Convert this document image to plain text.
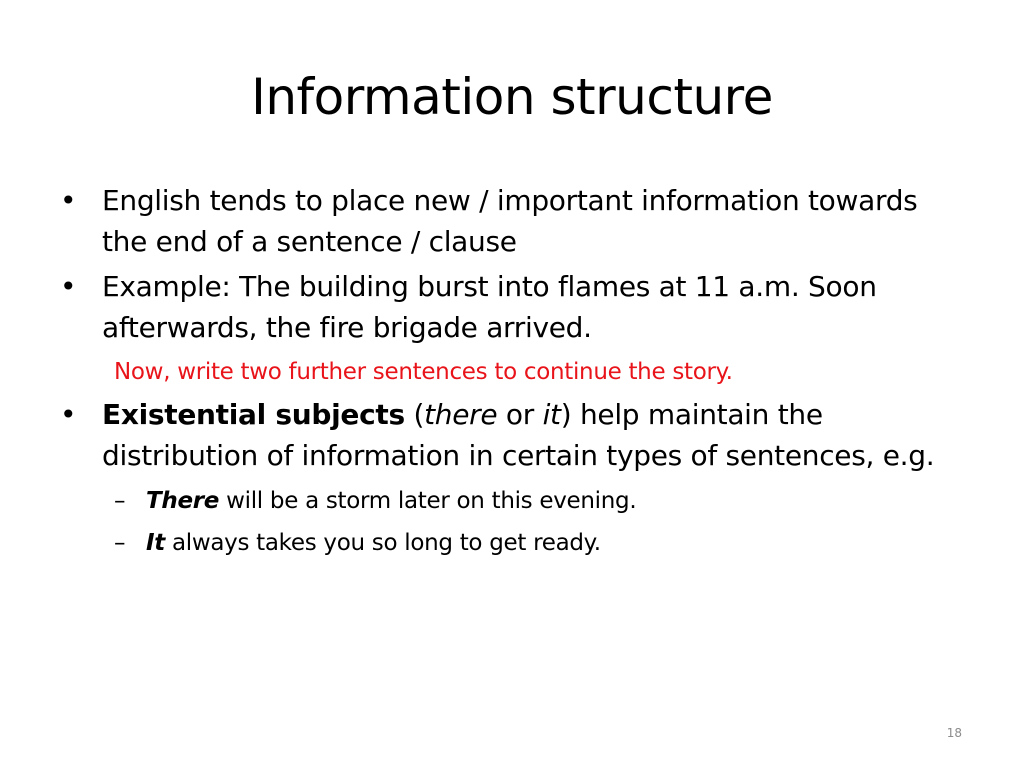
Information structure
• English tends to place new / important information towards the end of a sentence / clause
• Example: The building burst into flames at 11 a.m. Soon afterwards, the fire brigade arrived.
Now, write two further sentences to continue the story.
• Existential subjects (there or it) help maintain the distribution of information in certain types of sentences, e.g.
– There will be a storm later on this evening.
– It always takes you so long to get ready.
18
